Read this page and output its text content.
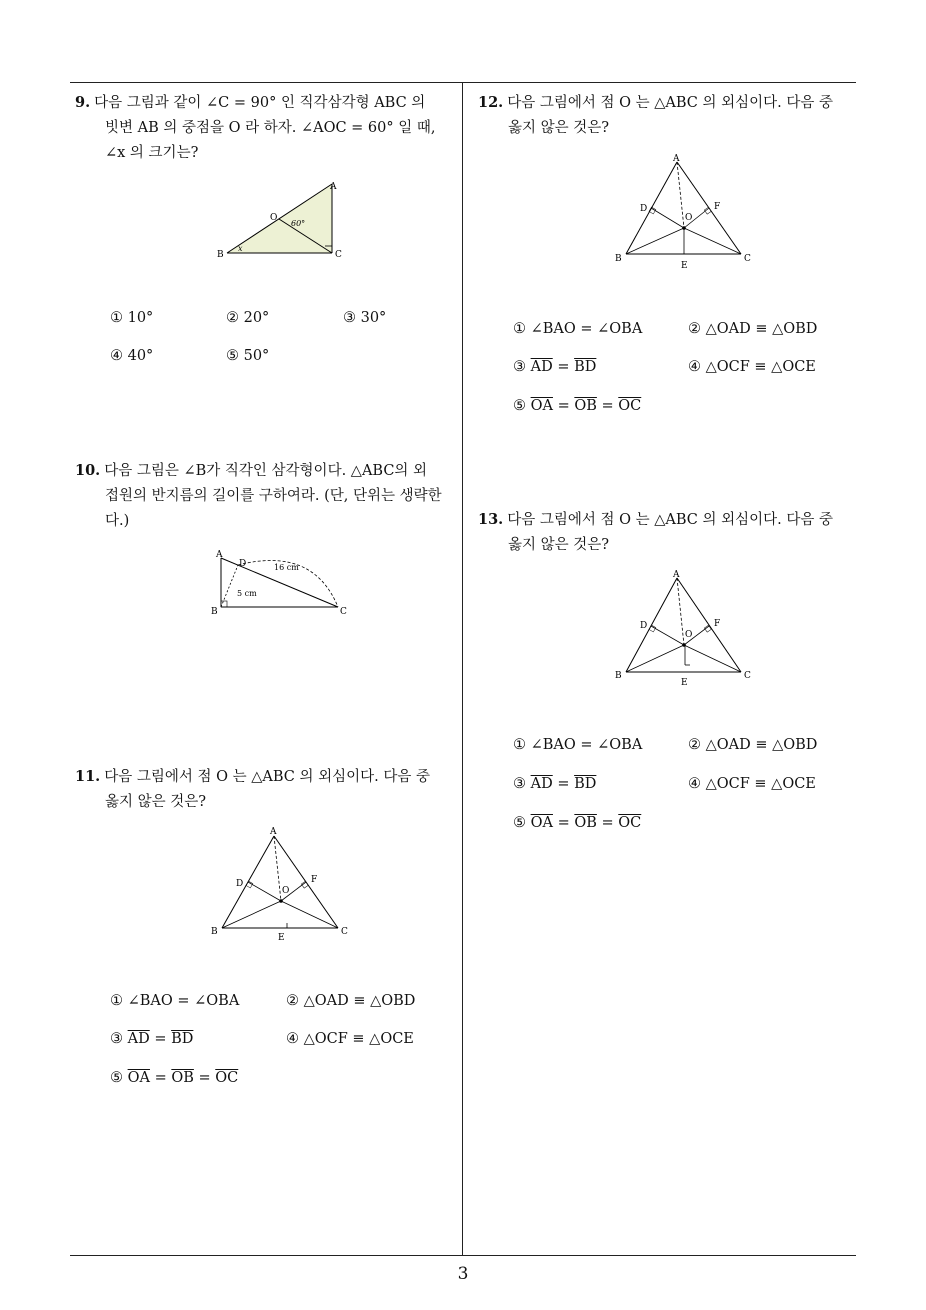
9. 다음 그림과 같이 ∠C = 90° 인 직각삼각형 ABC 의
빗변 AB 의 중점을 O 라 하자. ∠AOC = 60° 일 때,
∠x 의 크기는?
A
B	C
O
60°
x
① 10°	② 20°	③ 30°
④ 40°	⑤ 50°
10. 다음 그림은 ∠B가 직각인 삼각형이다. △ABC의 외
접원의 반지름의 길이를 구하여라. (단, 단위는 생략한
다.)
A
B	C
D	16 cm
5 cm
11. 다음 그림에서 점 O 는 △ABC 의 외심이다. 다음 중
옳지 않은 것은?
A
B	C
D
E
F
O
① ∠BAO = ∠OBA	② △OAD ≡ △OBD
③ $\overline{AD} = \overline{BD}$	④ △OCF ≡ △OCE
⑤ $\overline{OA} = \overline{OB} = \overline{OC}$
12. 다음 그림에서 점 O 는 △ABC 의 외심이다. 다음 중
옳지 않은 것은?
A
B	C
D
E
F
O
① ∠BAO = ∠OBA	② △OAD ≡ △OBD
③ $\overline{AD} = \overline{BD}$	④ △OCF ≡ △OCE
⑤ $\overline{OA} = \overline{OB} = \overline{OC}$
13. 다음 그림에서 점 O 는 △ABC 의 외심이다. 다음 중
옳지 않은 것은?
A
B	C
D
E
F
O
① ∠BAO = ∠OBA	② △OAD ≡ △OBD
③ $\overline{AD} = \overline{BD}$	④ △OCF ≡ △OCE
⑤ $\overline{OA} = \overline{OB} = \overline{OC}$
3
